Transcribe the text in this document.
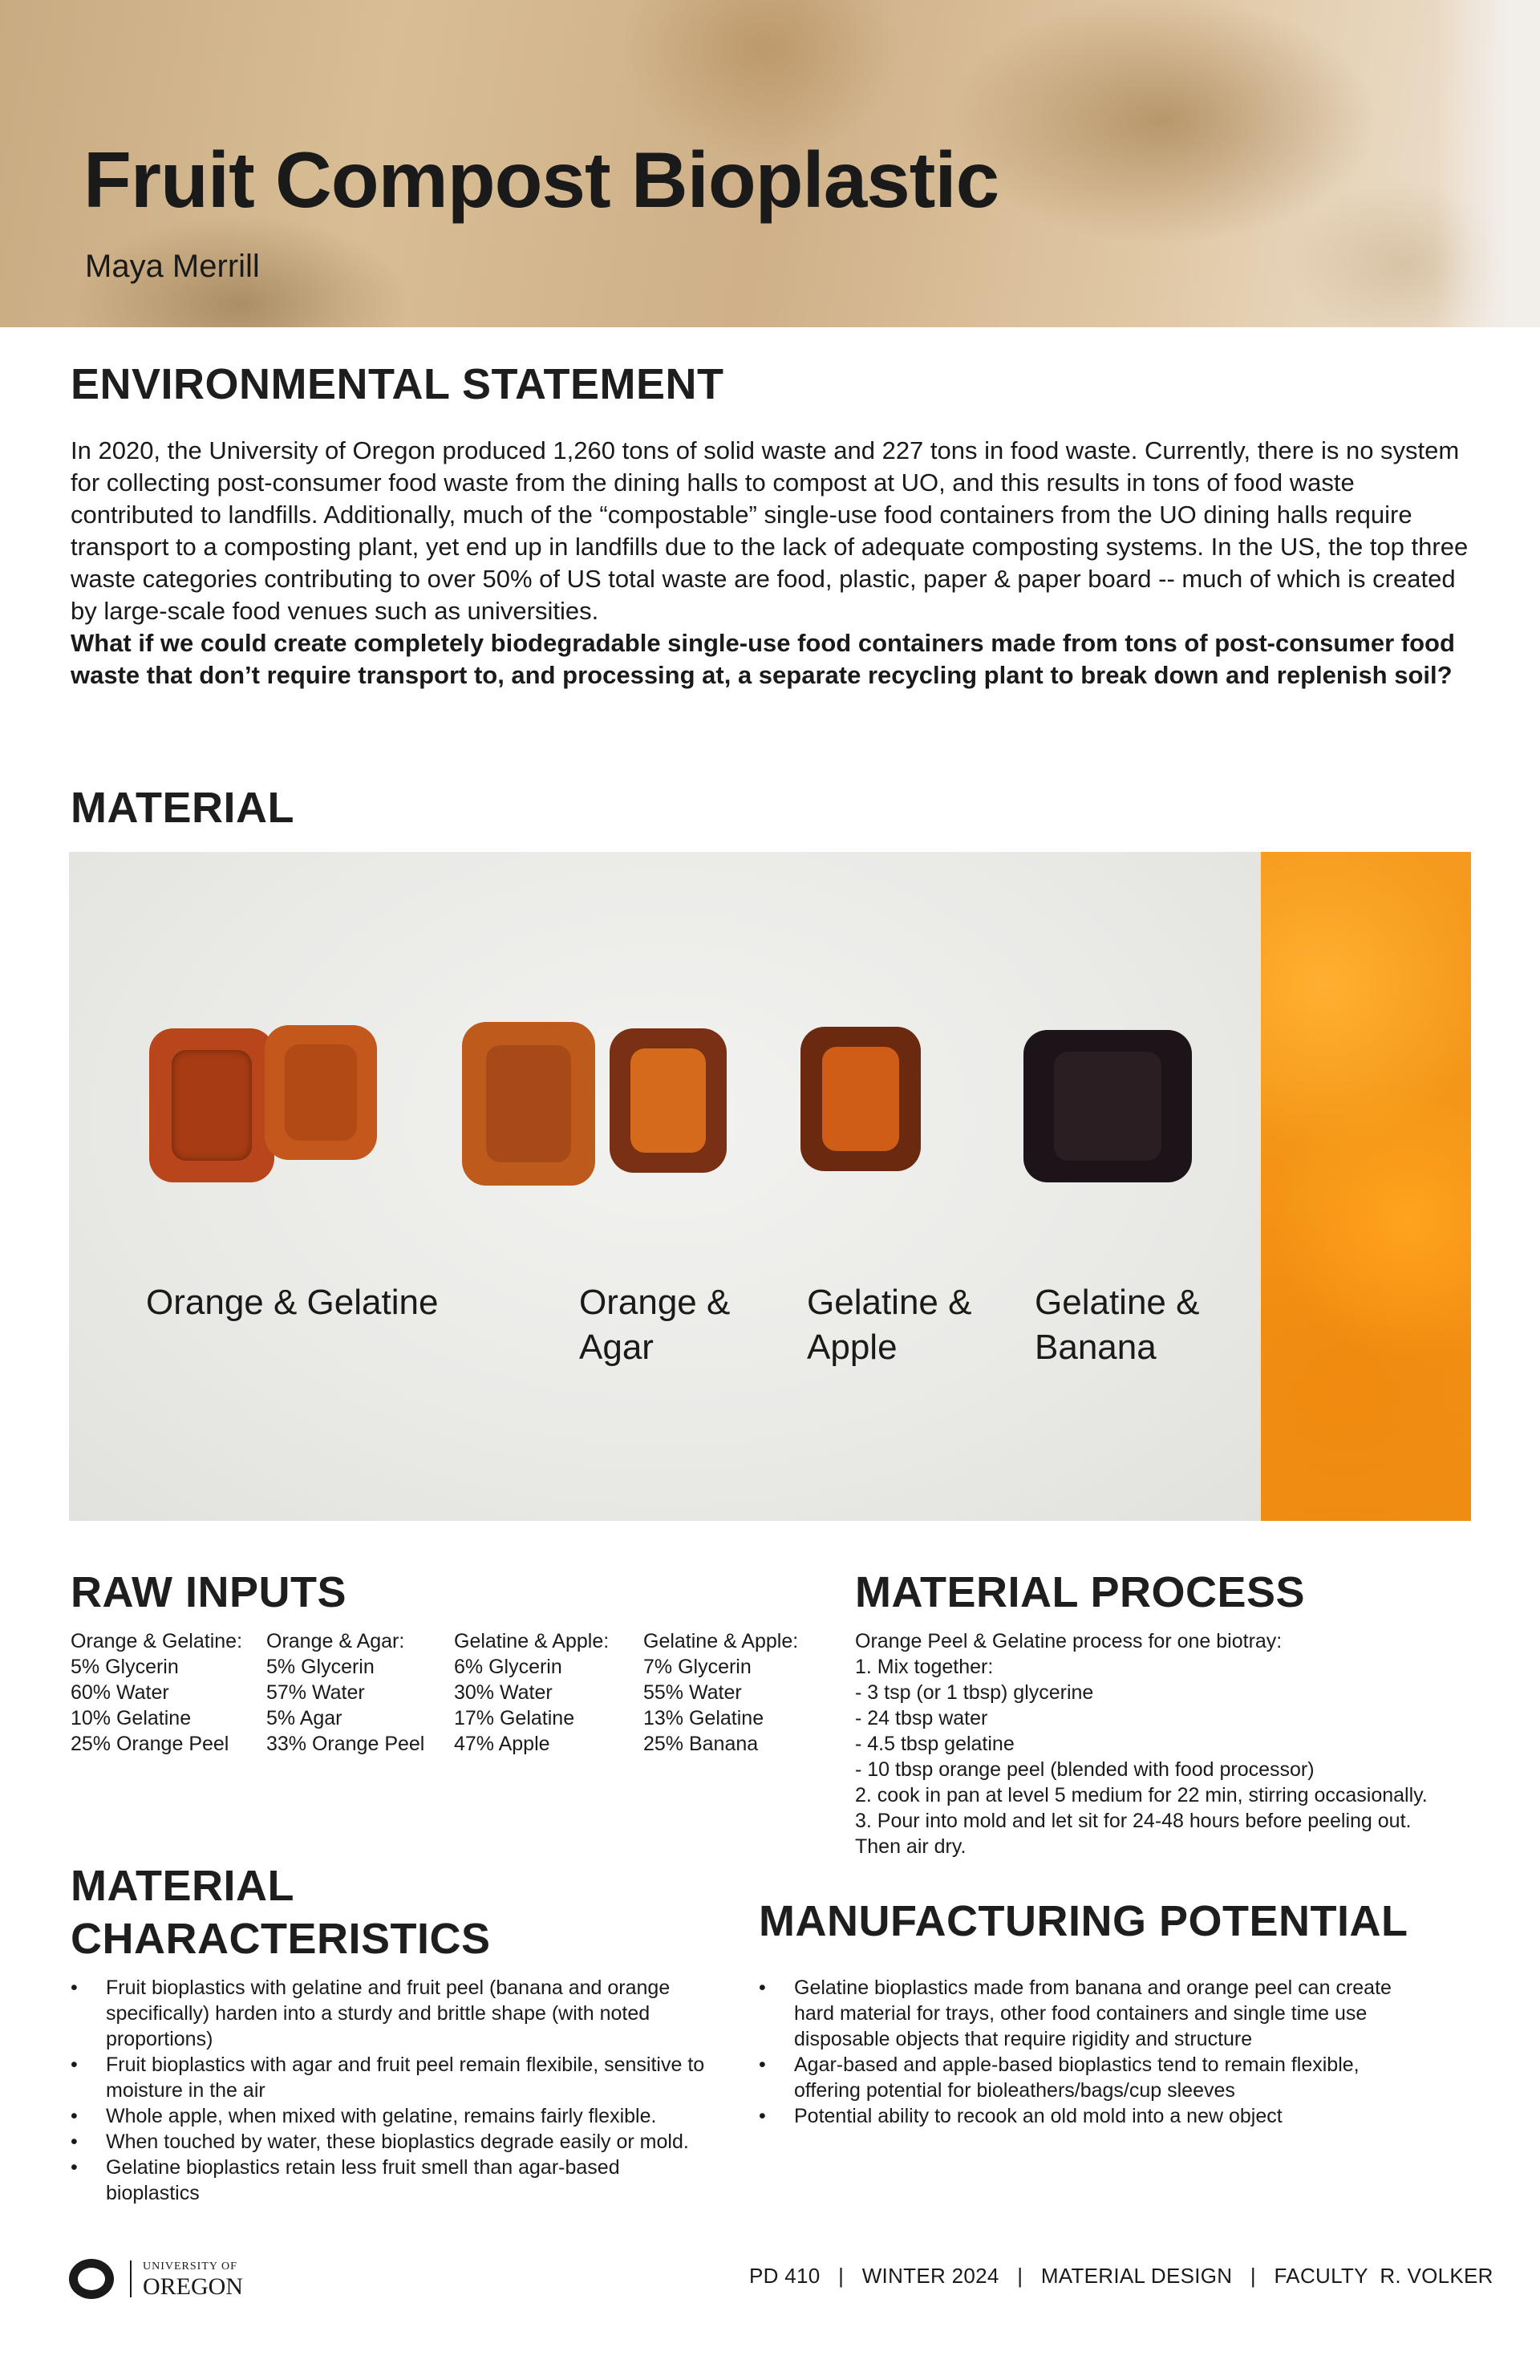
Fruit Compost Bioplastic
Maya Merrill
ENVIRONMENTAL STATEMENT
In 2020, the University of Oregon produced 1,260 tons of solid waste and 227 tons in food waste. Currently, there is no system for collecting post-consumer food waste from the dining halls to compost at UO, and this results in tons of food waste contributed to landfills. Additionally, much of the “compostable” single-use food containers from the UO dining halls require transport to a composting plant, yet end up in landfills due to the lack of adequate composting systems. In the US, the top three waste categories contributing to over 50% of US total waste are food, plastic, paper & paper board -- much of which is created by large-scale food venues such as universities.
What if we could create completely biodegradable single-use food containers made from tons of post-consumer food waste that don’t require transport to, and processing at, a separate recycling plant to break down and replenish soil?
MATERIAL
Orange & Gelatine	Orange & Agar
Gelatine & Apple
Gelatine & Banana
RAW INPUTS
Orange & Gelatine:
5% Glycerin
60% Water
10% Gelatine
25% Orange Peel
Orange & Agar:
5% Glycerin
57% Water
5% Agar
33% Orange Peel
Gelatine & Apple:
6% Glycerin
30% Water
17% Gelatine
47% Apple
Gelatine & Apple:
7% Glycerin
55% Water
13% Gelatine
25% Banana
MATERIAL PROCESS
Orange Peel & Gelatine process for one biotray:
1. Mix together:
- 3 tsp (or 1 tbsp) glycerine
- 24 tbsp water
- 4.5 tbsp gelatine
- 10 tbsp orange peel (blended with food processor)
2. cook in pan at level 5 medium for 22 min, stirring occasionally.
3. Pour into mold and let sit for 24-48 hours before peeling out.
Then air dry.
MATERIAL
CHARACTERISTICS
• Fruit bioplastics with gelatine and fruit peel (banana and orange specifically) harden into a sturdy and brittle shape (with noted proportions)
• Fruit bioplastics with agar and fruit peel remain flexibile, sensitive to moisture in the air
• Whole apple, when mixed with gelatine, remains fairly flexible.
• When touched by water, these bioplastics degrade easily or mold.
• Gelatine bioplastics retain less fruit smell than agar-based bioplastics
MANUFACTURING POTENTIAL
• Gelatine bioplastics made from banana and orange peel can create hard material for trays, other food containers and single time use disposable objects that require rigidity and structure
• Agar-based and apple-based bioplastics tend to remain flexible, offering potential for bioleathers/bags/cup sleeves
• Potential ability to recook an old mold into a new object
UNIVERSITY OF
OREGON	PD 410   |   WINTER 2024   |   MATERIAL DESIGN   |   FACULTY  R. VOLKER
